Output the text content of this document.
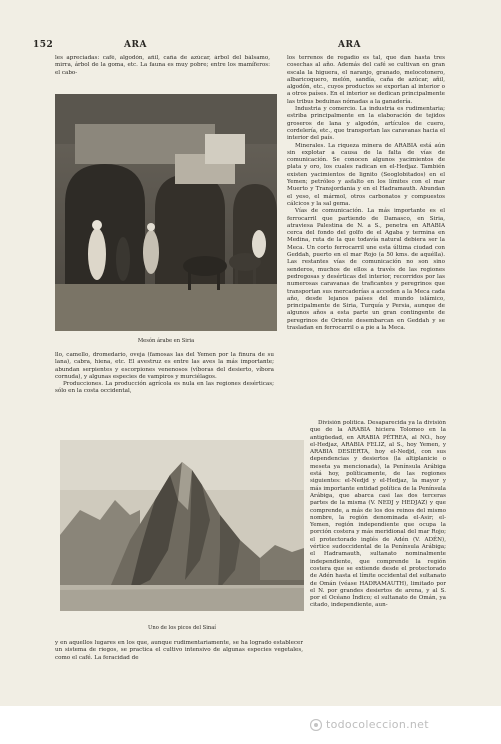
152	ARA	ARA

les apreciadas: café, algodón, añil, caña de azúcar, árbol del bálsamo, mirra, árbol de la goma, etc. La fauna es muy pobre; entre los mamíferos: el cabo-

Mesón árabe en Siria

llo, camello, dromedario, oveja (famosas las del Yemen por la finura de su lana), cabra, hiena, etc. El avestruz es entre las aves la más importante; abundan serpientes y escorpiones venenosos (víboras del desierto, víbora cornuda), y algunas especies de vampiros y murciélagos.

Producciones. La producción agrícola es nula en las regiones desérticas; sólo en la costa occidental,

Uno de los picos del Sinaí

y en aquellos lugares en los que, aunque rudimentariamente, se ha logrado establecer un sistema de riegos, se practica el cultivo intensivo de algunas especies vegetales, como el café. La feracidad de

los terrenos de regadío es tal, que dan hasta tres cosechas al año. Además del café se cultivan en gran escala la higuera, el naranjo, granado, melocotonero, albaricoquero, melón, sandía, caña de azúcar, añil, algodón, etc., cuyos productos se exportan al interior o a otros países. En el interior se dedican principalmente las tribus beduinas nómadas a la ganadería.

Industria y comercio. La industria es rudimentaria; estriba principalmente en la elaboración de tejidos groseros de lana y algodón, artículos de cuero, cordelería, etc., que transportan las caravanas hacia el interior del país.

Minerales. La riqueza minera de ARABIA está aún sin explotar a causa de la falta de vías de comunicación. Se conocen algunos yacimientos de plata y oro, los cuales radican en el-Hedjaz. También existen yacimientos de lignito (Seoglobitados) en el Yemen; petróleo y asfalto en los límites con el mar Muerto y Transjordania y en el Hadramauth. Abundan el yeso, el mármol, otros carbonatos y compuestos cálcicos y la sal gema.

Vías de comunicación. La más importante es el ferrocarril que partiendo de Damasco, en Siria, atraviesa Palestina de N. a S., penetra en ARABIA cerca del fondo del golfo de el Agaba y termina en Medina, ruta de la que todavía natural debiera ser la Meca. Un corto ferrocarril une esta última ciudad con Geddah, puerto en el mar Rojo (a 50 kms. de aquélla). Las restantes vías de comunicación no son sino senderos, muchos de ellos a través de las regiones pedregosas y desérticas del interior, recorridos por las numerosas caravanas de traficantes y peregrinos que transportan sus mercaderías a acceden a la Meca cada año, desde lejanos países del mundo islámico, principalmente de Siria, Turquía y Persia, aunque de algunos años a esta parte un gran contingente de peregrinos de Oriente desembarcan en Geddah y se trasladan en ferrocarril o a pie a la Meca.

División política. Desaparecida ya la división que de la ARABIA hiciera Tolomeo en la antigüedad, en ARABIA PÉTREA, al NO., hoy el-Hedjaz, ARABIA FELIZ, al S., hoy Yemen, y ARABIA DESIERTA, hoy el-Nedjd, con sus dependencias y desiertos (la altiplanicie o meseta ya mencionada), la Península Arábiga está hoy, políticamente, de las regiones siguientes: el-Nedjd y el-Hedjaz, la mayor y más importante entidad política de la Península Arábiga, que abarca casi las dos terceras partes de la misma (V. NEDJ y HEDJAZ) y que comprende, a más de los dos reinos del mismo nombre, la región denominada el-Asir; el-Yemen, región independiente que ocupa la porción costera y más meridional del mar Rojo; el protectorado inglés de Adén (V. ADÉN), vértice sudoccidental de la Península Arábiga; el Hadramauth, sultanato nominalmente independiente, que comprende la región costera que se extiende desde el protectorado de Adén hasta el límite occidental del sultanato de Omán (véase HADRAMAUTH), limitado por el N. por grandes desiertos de arena, y al S. por el Océano Índico; el sultanato de Omán, ya citado, independiente, aun-

todocoleccion.net
